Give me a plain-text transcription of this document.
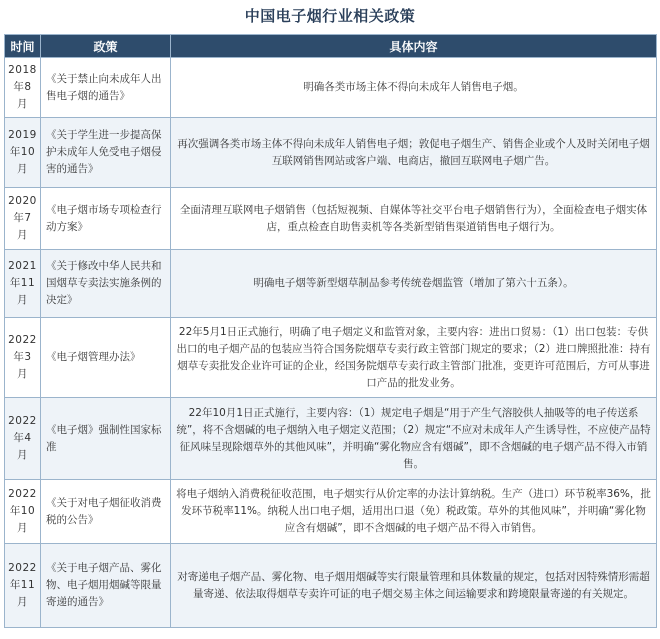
中国电子烟行业相关政策
时间	政策	具体内容
2018年8月	《关于禁止向未成年人出售电子烟的通告》	明确各类市场主体不得向未成年人销售电子烟。
2019年10月	《关于学生进一步提高保护未成年人免受电子烟侵害的通告》	再次强调各类市场主体不得向未成年人销售电子烟；敦促电子烟生产、销售企业或个人及时关闭电子烟互联网销售网站或客户端、电商店，撤回互联网电子烟广告。
2020年7月	《电子烟市场专项检查行动方案》	全面清理互联网电子烟销售（包括短视频、自媒体等社交平台电子烟销售行为），全面检查电子烟实体店，重点检查自助售卖机等各类新型销售渠道销售电子烟行为。
2021年11月	《关于修改中华人民共和国烟草专卖法实施条例的决定》	明确电子烟等新型烟草制品参考传统卷烟监管（增加了第六十五条）。
2022年3月	《电子烟管理办法》	22年5月1日正式施行，明确了电子烟定义和监管对象，主要内容：进出口贸易：（1）出口包装：专供出口的电子烟产品的包装应当符合国务院烟草专卖行政主管部门规定的要求；（2）进口牌照批准：持有烟草专卖批发企业许可证的企业，经国务院烟草专卖行政主管部门批准，变更许可范围后，方可从事进口产品的批发业务。
2022年4月	《电子烟》强制性国家标准	22年10月1日正式施行，主要内容：（1）规定电子烟是“用于产生气溶胶供人抽吸等的电子传送系统”，将不含烟碱的电子烟纳入电子烟定义范围；（2）规定“不应对未成年人产生诱导性，不应使产品特征风味呈现除烟草外的其他风味”，并明确“雾化物应含有烟碱”，即不含烟碱的电子烟产品不得入市销售。
2022年10月	《关于对电子烟征收消费税的公告》	将电子烟纳入消费税征收范围，电子烟实行从价定率的办法计算纳税。生产（进口）环节税率36%，批发环节税率11%。纳税人出口电子烟，适用出口退（免）税政策。草外的其他风味”，并明确“雾化物应含有烟碱”，即不含烟碱的电子烟产品不得入市销售。
2022年11月	《关于电子烟产品、雾化物、电子烟用烟碱等限量寄递的通告》	对寄递电子烟产品、雾化物、电子烟用烟碱等实行限量管理和具体数量的规定，包括对因特殊情形需超量寄递、依法取得烟草专卖许可证的电子烟交易主体之间运输要求和跨境限量寄递的有关规定。
